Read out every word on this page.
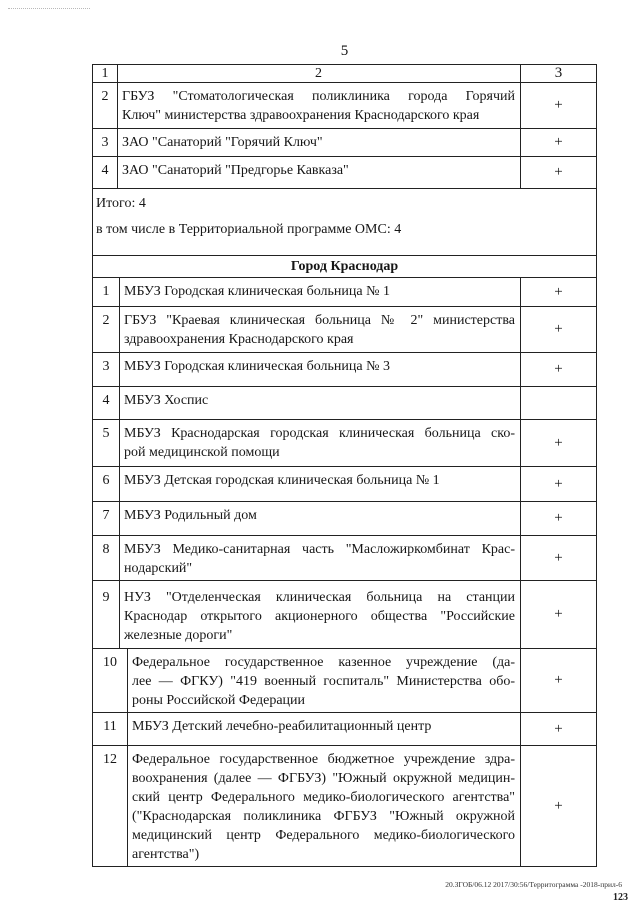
5
1	2	3
2 ГБУЗ "Стоматологическая поликлиника города Горячий
Ключ" министерства здравоохранения Краснодарского края
+
3 ЗАО "Санаторий "Горячий Ключ"	+
4 ЗАО "Санаторий "Предгорье Кавказа"	+
Итого: 4
в том числе в Территориальной программе ОМС: 4
Город Краснодар
1	МБУЗ Городская клиническая больница № 1	+
2	ГБУЗ "Краевая клиническая больница № 2" министерства
здравоохранения Краснодарского края
+
3	МБУЗ Городская клиническая больница № 3	+
4	МБУЗ Хоспис
5	МБУЗ Краснодарская городская клиническая больница ско-
рой медицинской помощи
+
6	МБУЗ Детская городская клиническая больница № 1	+
7	МБУЗ Родильный дом	+
8	МБУЗ Медико-санитарная часть "Масложиркомбинат Крас-
нодарский"
+
9	НУЗ "Отделенческая клиническая больница на станции
Краснодар открытого акционерного общества "Российские
железные дороги"
+
10	Федеральное государственное казенное учреждение (да-
лее — ФГКУ) "419 военный госпиталь" Министерства обо-
роны Российской Федерации
+
11	МБУЗ Детский лечебно-реабилитационный центр	+
12	Федеральное государственное бюджетное учреждение здра-
воохранения (далее — ФГБУЗ) "Южный окружной медицин-
ский центр Федерального медико-биологического агентства"
("Краснодарская поликлиника ФГБУЗ "Южный окружной
медицинский центр Федерального медико-биологического
агентства")
+
20.ЗГОБ/06.12 2017/30:56/Территограмма -2018-прил-6
123
